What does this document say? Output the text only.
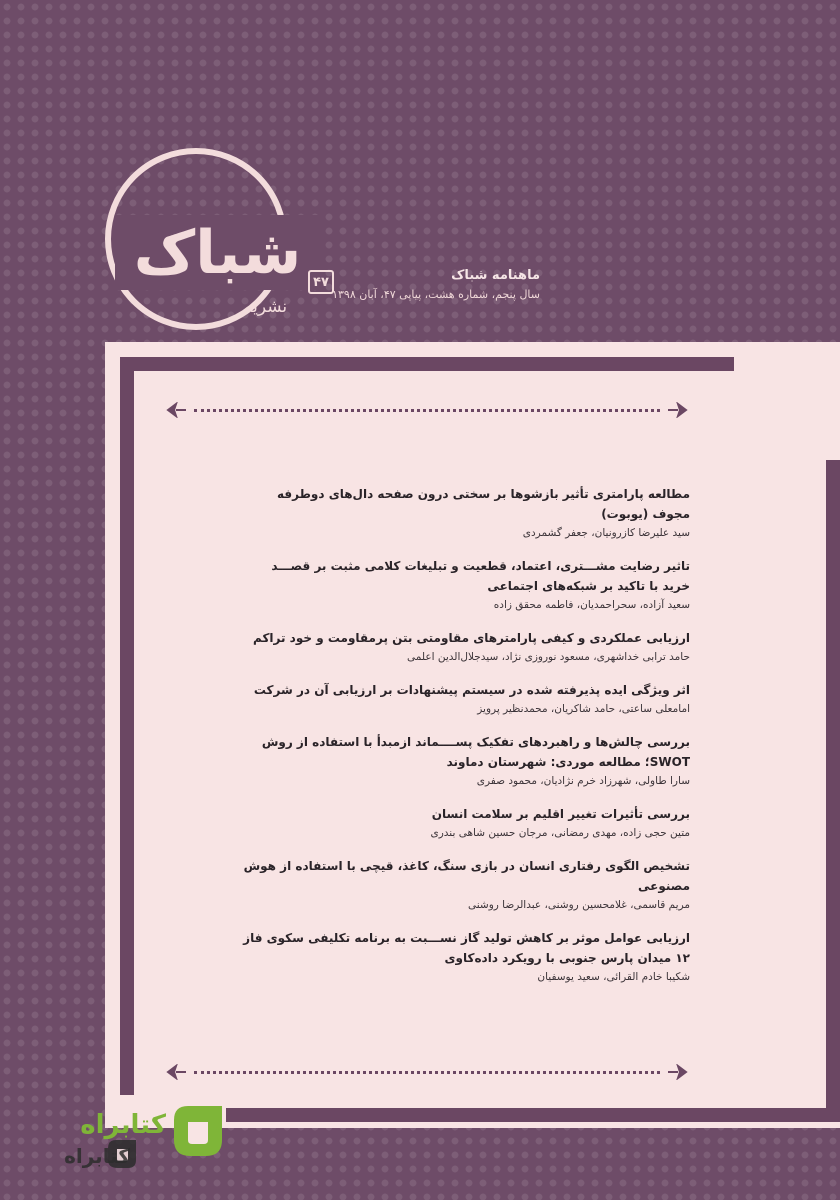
شباک
نشریه
۴۷	ماهنامه شباک
سال پنجم، شماره هشت، پیاپی ۴۷، آبان ۱۳۹۸
مطالعه پارامتری تأثیر بازشوها بر سختی درون صفحه دال‌های دوطرفه مجوف (یوبوت)
سید علیرضا کازرونیان، جعفر گشمردی
تاثیر رضایت مشـــتری، اعتماد، قطعیت و تبلیغات کلامی مثبت بر قصـــد خرید با تاکید بر شبکه‌های اجتماعی
سعید آزاده، سحراحمدیان، فاطمه محقق زاده
ارزیابی عملکردی و کیفی پارامترهای مقاومتی بتن پرمقاومت و خود تراکم
حامد ترابی خداشهری، مسعود نوروزی نژاد، سیدجلال‌الدین اعلمی
اثر ویژگی ایده پذیرفته شده در سیستم پیشنهادات بر ارزیابی آن در شرکت
امامعلی ساعتی، حامد شاکریان، محمدنظیر پرویز
بررسی چالش‌ها و راهبردهای تفکیک پســــماند ازمبدأ با استفاده از روش SWOT؛ مطالعه موردی: شهرستان دماوند
سارا طاولی، شهرزاد خرم نژادیان، محمود صفری
بررسی تأثیرات تغییر اقلیم بر سلامت انسان
متین حجی زاده، مهدی رمضانی، مرجان حسین شاهی بندری
تشخیص الگوی رفتاری انسان در بازی سنگ، کاغذ، قیچی با استفاده از هوش مصنوعی
مریم قاسمی، غلامحسین روشنی، عبدالرضا روشنی
ارزیابی عوامل موثر بر کاهش تولید گاز نســـبت به برنامه تکلیفی سکوی فاز ۱۲ میدان پارس جنوبی با رویکرد داده‌کاوی
شکیبا خادم القرائی، سعید یوسفیان
کتابراه
کتابراه
